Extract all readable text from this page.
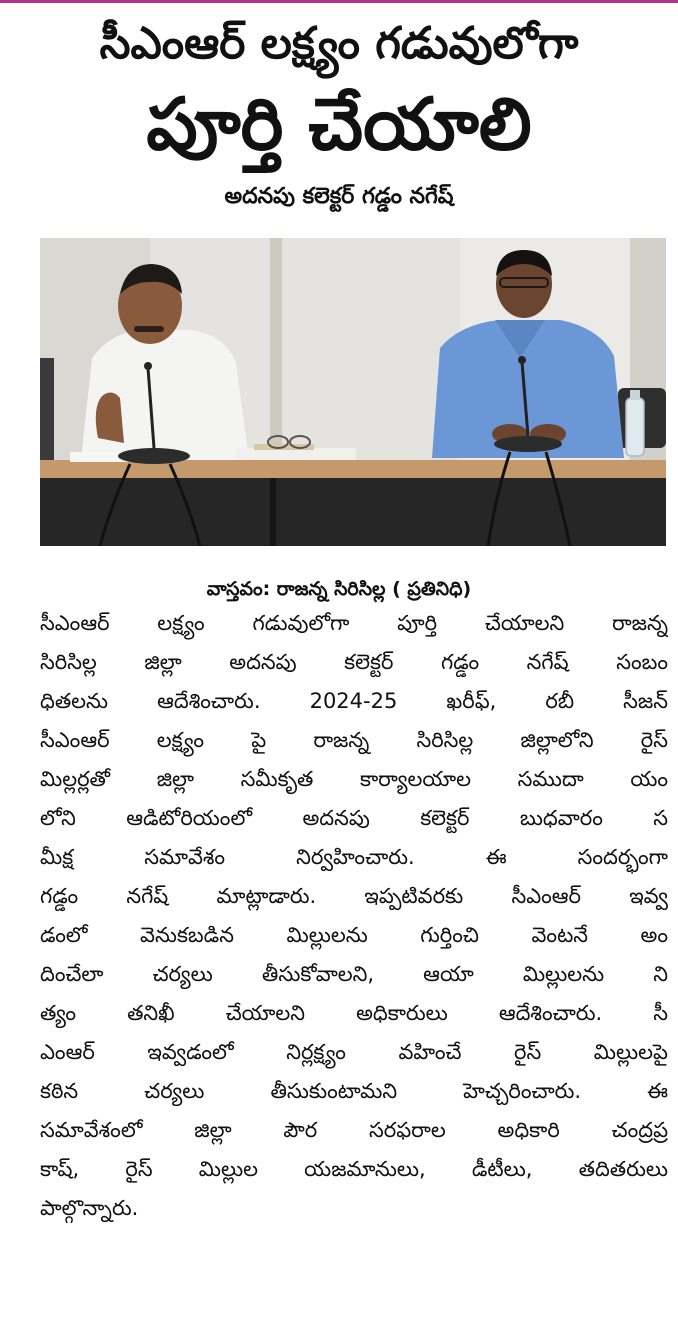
సీఎంఆర్ లక్ష్యం గడువులోగా
పూర్తి చేయాలి
అదనపు కలెక్టర్ గడ్డం నగేష్
వాస్తవం: రాజన్న సిరిసిల్ల ( ప్రతినిధి)
సీఎంఆర్ లక్ష్యం గడువులోగా పూర్తి చేయాలని రాజన్న
సిరిసిల్ల జిల్లా అదనపు కలెక్టర్ గడ్డం నగేష్ సంబం
ధితలను ఆదేశించారు. 2024-25 ఖరీఫ్, రబీ సీజన్
సీఎంఆర్ లక్ష్యం పై రాజన్న సిరిసిల్ల జిల్లాలోని రైస్
మిల్లర్లతో జిల్లా సమీకృత కార్యాలయాల సముదా యం
లోని ఆడిటోరియంలో అదనపు కలెక్టర్ బుధవారం స
మీక్ష సమావేశం నిర్వహించారు. ఈ సందర్భంగా
గడ్డం నగేష్ మాట్లాడారు. ఇప్పటివరకు సీఎంఆర్ ఇవ్వ
డంలో వెనుకబడిన మిల్లులను గుర్తించి వెంటనే అం
దించేలా చర్యలు తీసుకోవాలని, ఆయా మిల్లులను ని
త్యం తనిఖీ చేయాలని అధికారులు ఆదేశించారు. సీ
ఎంఆర్ ఇవ్వడంలో నిర్లక్ష్యం వహించే రైస్ మిల్లులపై
కఠిన చర్యలు తీసుకుంటామని హెచ్చరించారు. ఈ
సమావేశంలో జిల్లా పౌర సరఫరాల అధికారి చంద్రప్ర
కాష్, రైస్ మిల్లుల యజమానులు, డీటీలు, తదితరులు
పాల్గొన్నారు.
